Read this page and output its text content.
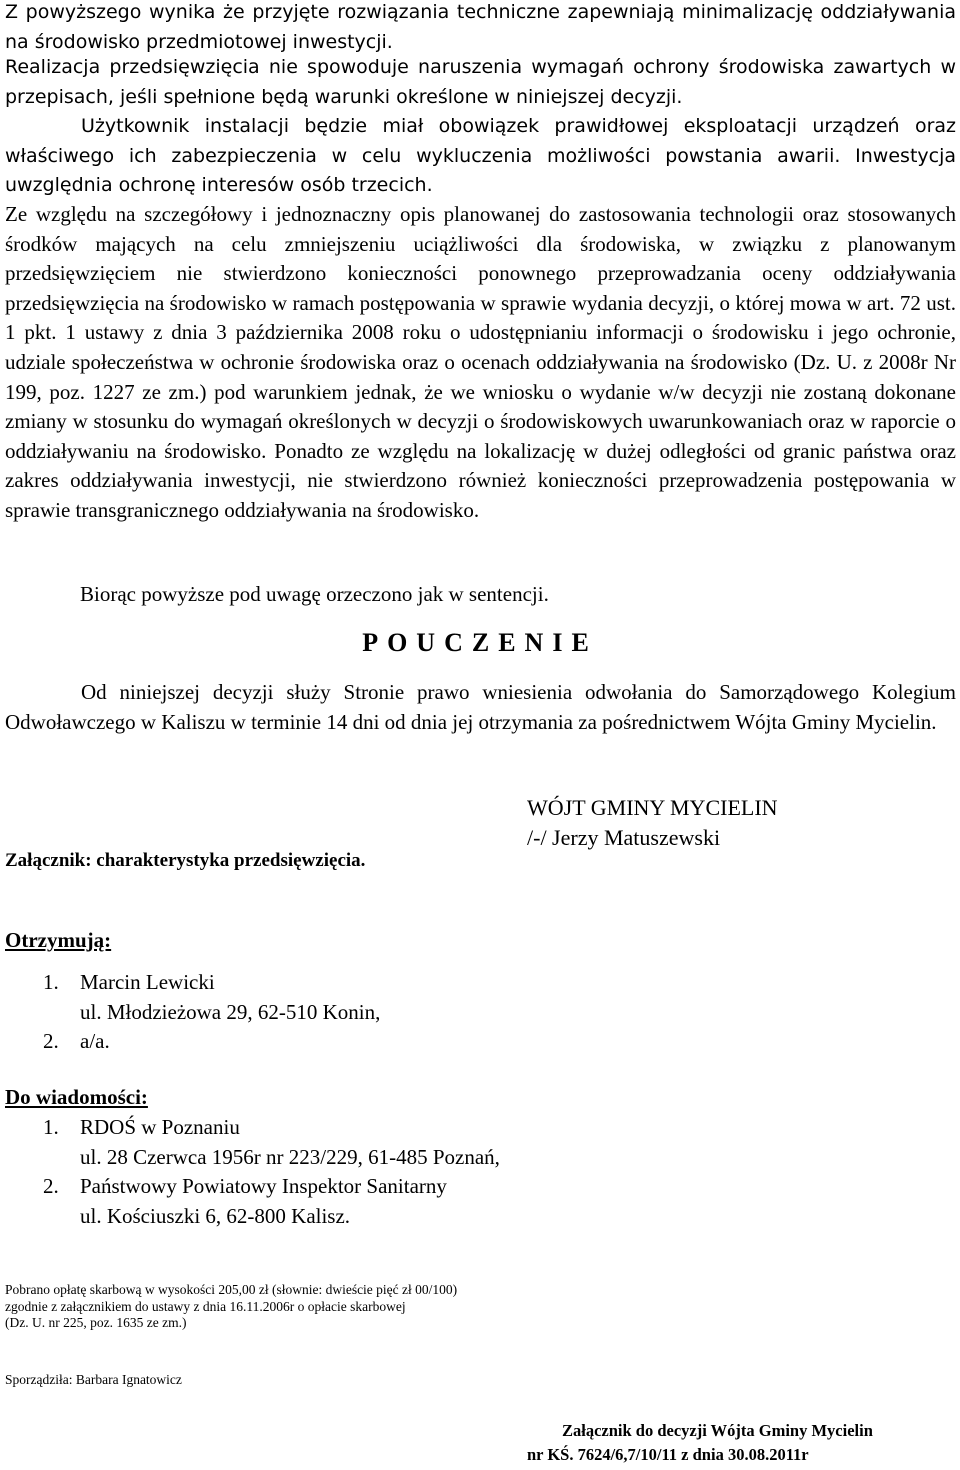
Z powyższego wynika że przyjęte rozwiązania techniczne zapewniają minimalizację oddziaływania na środowisko przedmiotowej inwestycji.

Realizacja przedsięwzięcia nie spowoduje naruszenia wymagań ochrony środowiska zawartych w przepisach, jeśli spełnione będą warunki określone w niniejszej decyzji.

Użytkownik instalacji będzie miał obowiązek prawidłowej eksploatacji urządzeń oraz właściwego ich zabezpieczenia w celu wykluczenia możliwości powstania awarii. Inwestycja uwzględnia ochronę interesów osób trzecich.

Ze względu na szczegółowy i jednoznaczny opis planowanej do zastosowania technologii oraz stosowanych środków mających na celu zmniejszeniu uciążliwości dla środowiska, w związku z planowanym przedsięwzięciem nie stwierdzono konieczności ponownego przeprowadzania oceny oddziaływania przedsięwzięcia na środowisko w ramach postępowania w sprawie wydania decyzji, o której mowa w art. 72 ust. 1 pkt. 1 ustawy z dnia 3 października 2008 roku o udostępnianiu informacji o środowisku i jego ochronie, udziale społeczeństwa w ochronie środowiska oraz o ocenach oddziaływania na środowisko (Dz. U. z 2008r Nr 199, poz. 1227 ze zm.) pod warunkiem jednak, że we wniosku o wydanie w/w decyzji nie zostaną dokonane zmiany w stosunku do wymagań określonych w decyzji o środowiskowych uwarunkowaniach oraz w raporcie o oddziaływaniu na środowisko. Ponadto ze względu na lokalizację w dużej odległości od granic państwa oraz zakres oddziaływania inwestycji, nie stwierdzono również konieczności przeprowadzenia postępowania w sprawie transgranicznego oddziaływania na środowisko.

Biorąc powyższe pod uwagę orzeczono jak w sentencji.

POUCZENIE

Od niniejszej decyzji służy Stronie prawo wniesienia odwołania do Samorządowego Kolegium Odwoławczego w Kaliszu w terminie 14 dni od dnia jej otrzymania za pośrednictwem Wójta Gminy Mycielin.

WÓJT GMINY MYCIELIN

/-/ Jerzy Matuszewski

Załącznik: charakterystyka przedsięwzięcia.

Otrzymują:

1. Marcin Lewicki
ul. Młodzieżowa 29, 62-510 Konin,
2. a/a.

Do wiadomości:

1. RDOŚ w Poznaniu
ul. 28 Czerwca 1956r nr 223/229, 61-485 Poznań,
2. Państwowy Powiatowy Inspektor Sanitarny
ul. Kościuszki 6, 62-800 Kalisz.
Pobrano opłatę skarbową w wysokości 205,00 zł (słownie: dwieście pięć zł 00/100)
zgodnie z załącznikiem do ustawy z dnia 16.11.2006r o opłacie skarbowej
(Dz. U. nr 225, poz. 1635 ze zm.)

Sporządziła: Barbara Ignatowicz

Załącznik do decyzji Wójta Gminy Mycielin
nr KŚ. 7624/6,7/10/11 z dnia 30.08.2011r
